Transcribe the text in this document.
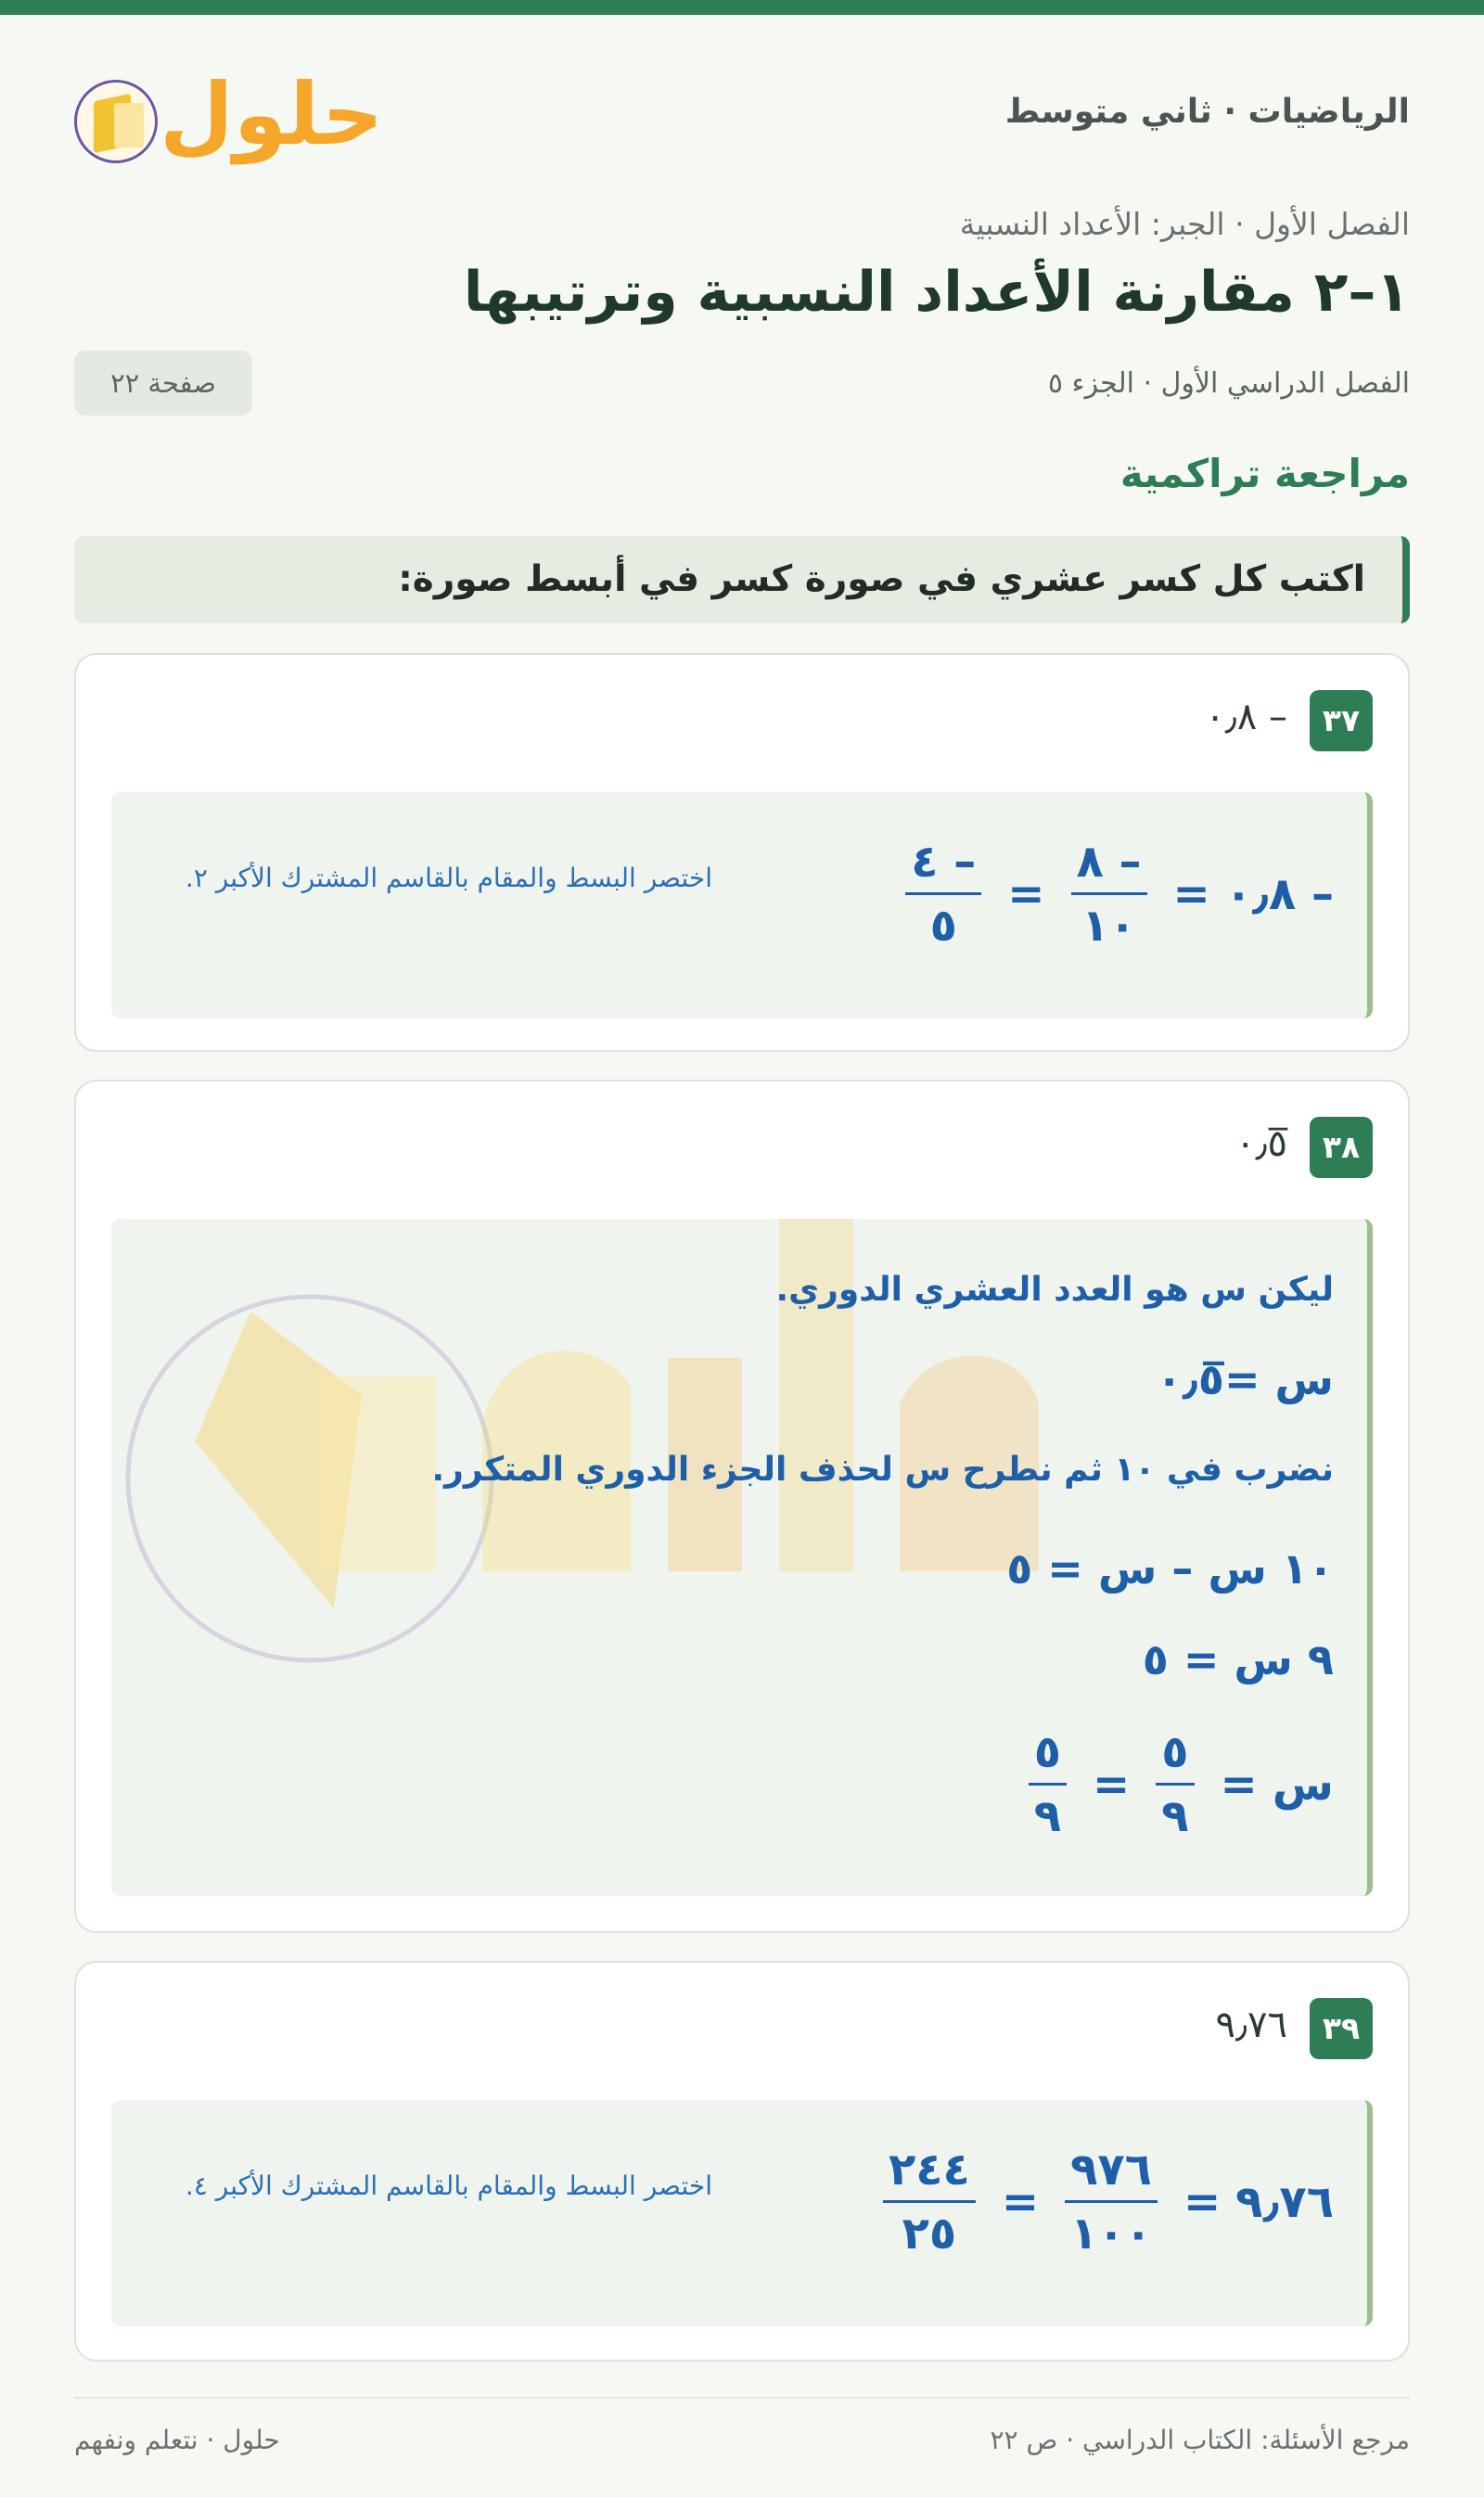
الرياضيات · ثاني متوسط
حلول
الفصل الأول · الجبر: الأعداد النسبية
١–٢ مقارنة الأعداد النسبية وترتيبها
الفصل الدراسي الأول · الجزء ٥
صفحة ٢٢
مراجعة تراكمية
اكتب كل كسر عشري في صورة كسر في أبسط صورة:
٣٧
– ٠٫٨
– ٠٫٨
=
$\frac{- ٨}{١٠}$
=
$\frac{- ٤}{٥}$
اختصر البسط والمقام بالقاسم المشترك الأكبر ٢.
٣٨
٠٫٥̅
ليكن س هو العدد العشري الدوري.
س =٠٫٥̅
نضرب في ١٠ ثم نطرح س لحذف الجزء الدوري المتكرر.
١٠ س – س = ٥
٩ س = ٥
س
=
$\frac{٥}{٩}$
=
$\frac{٥}{٩}$
٣٩
٩٫٧٦
٩٫٧٦
=
$\frac{٩٧٦}{١٠٠}$
=
$\frac{٢٤٤}{٢٥}$
اختصر البسط والمقام بالقاسم المشترك الأكبر ٤.
مرجع الأسئلة: الكتاب الدراسي · ص ٢٢
حلول · نتعلم ونفهم
